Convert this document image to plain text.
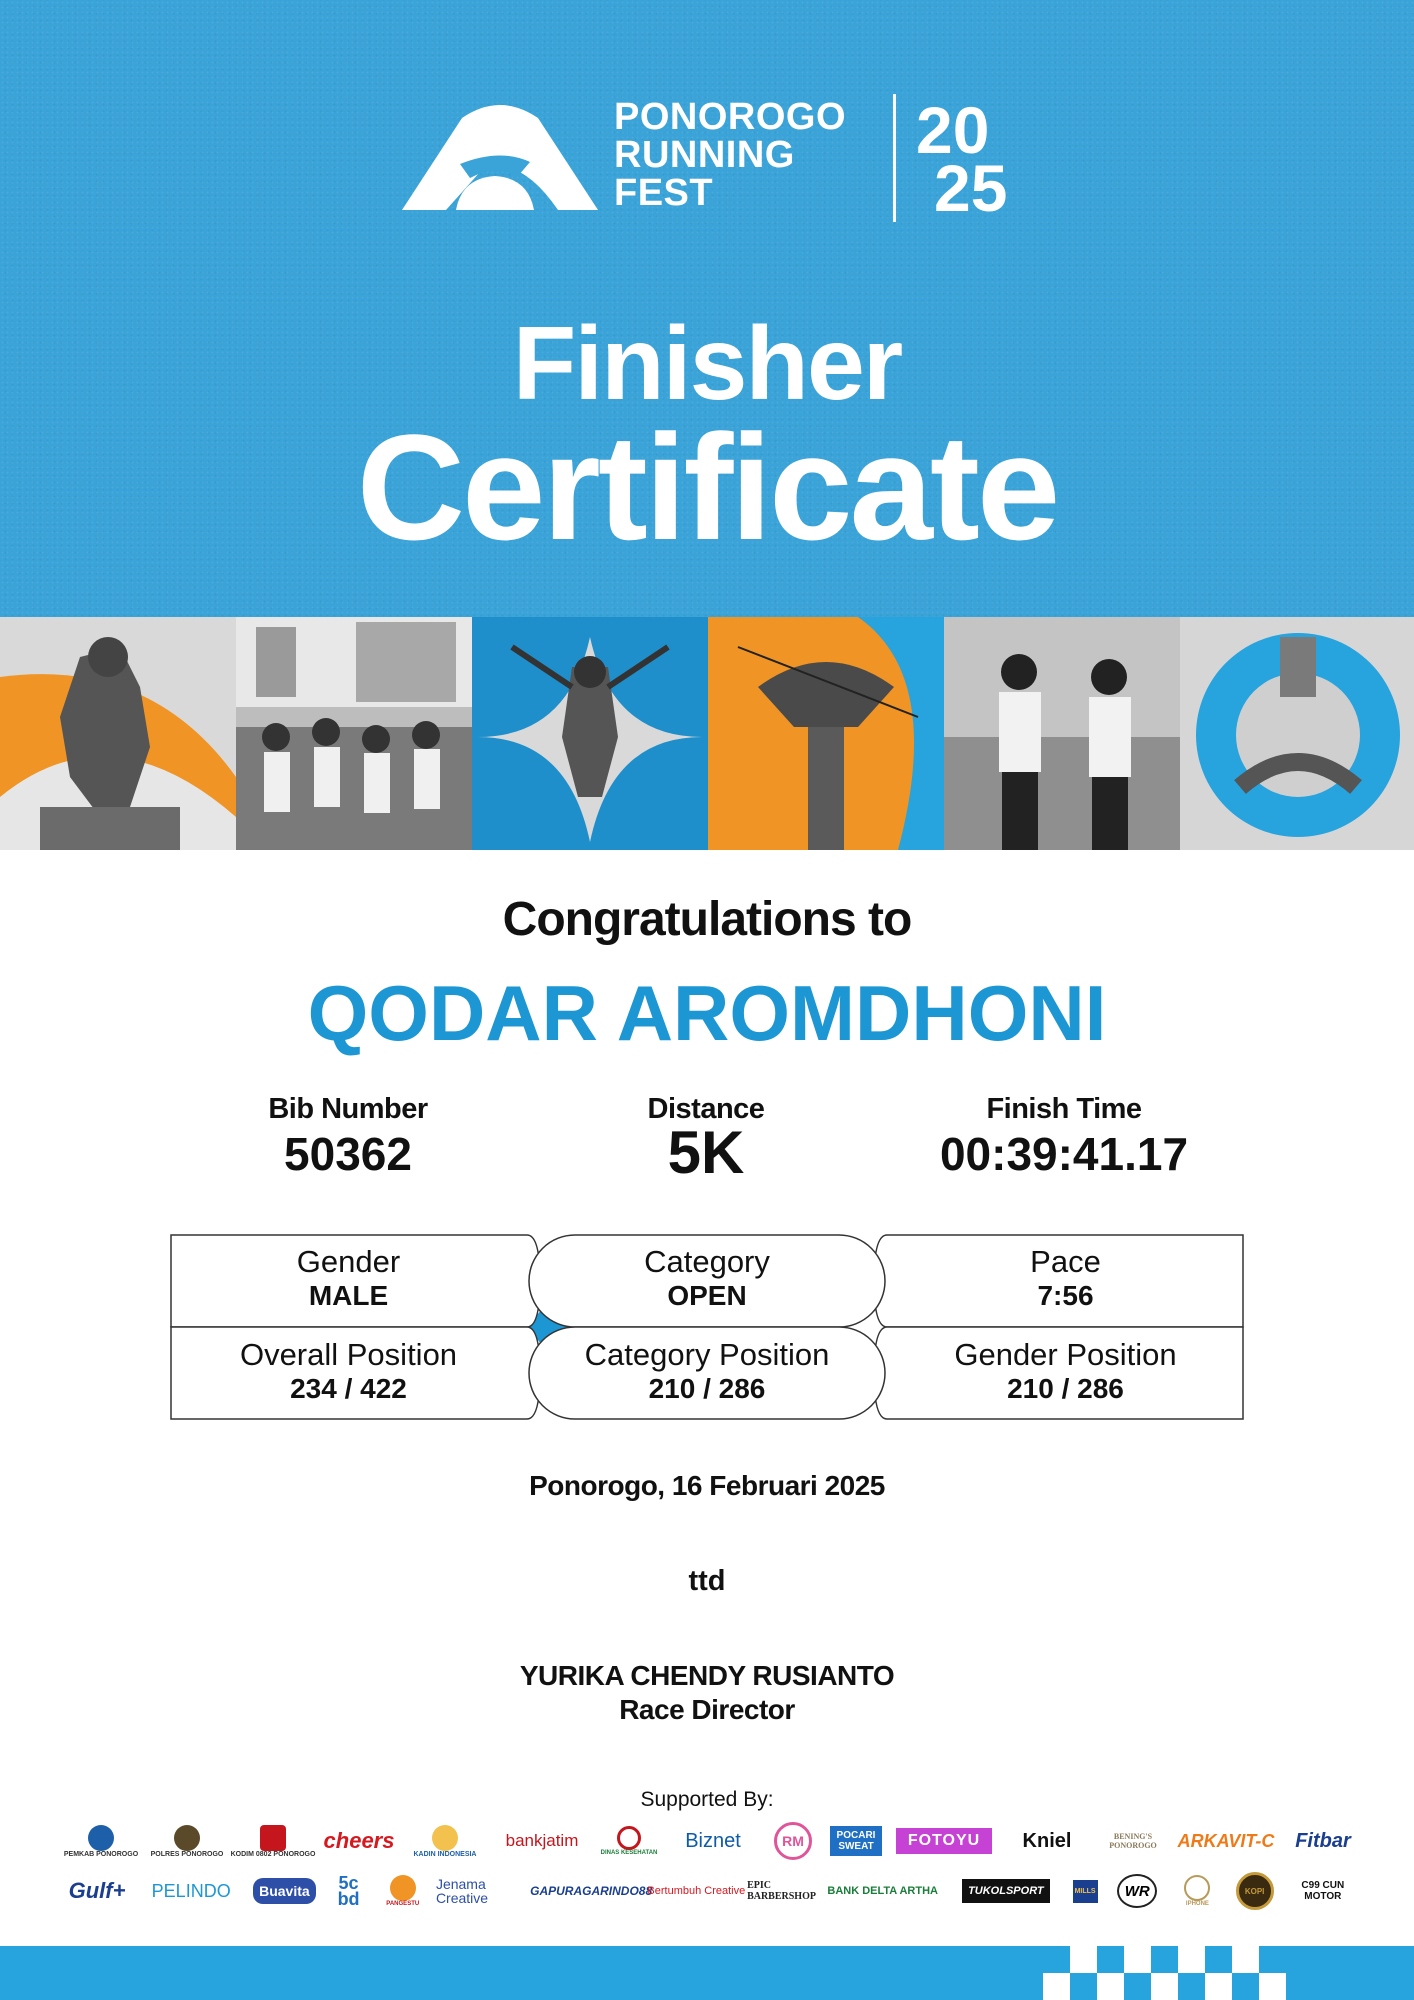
PONOROGO
RUNNING
FEST
20
25
Finisher
Certificate
Congratulations to
QODAR AROMDHONI
Bib Number
50362
Distance
5K
Finish Time
00:39:41.17
Gender
MALE
Category
OPEN
Pace
7:56
Overall Position
234 / 422
Category Position
210 / 286
Gender Position
210 / 286
Ponorogo, 16 Februari 2025
ttd
YURIKA CHENDY RUSIANTO
Race Director
Supported By:
PEMKAB PONOROGO POLRES PONOROGO KODIM 0802 PONOROGO
cheers
KADIN INDONESIA
bankjatim
DINAS KESEHATAN
Biznet	RM	POCARI SWEAT	FOTOYU	Kniel	BENING'S PONOROGO ARKAVIT-C Fitbar
Gulf+	PELINDO	Buavita	5c bd	PANGESTU
Jenama Creative	GAPURAGARINDO88
Bertumbuh Creative EPIC BARBERSHOP BANK DELTA ARTHA	TUKOLSPORT	MILLS	WR
IPHONE
KOPI	C99 CUN MOTOR
